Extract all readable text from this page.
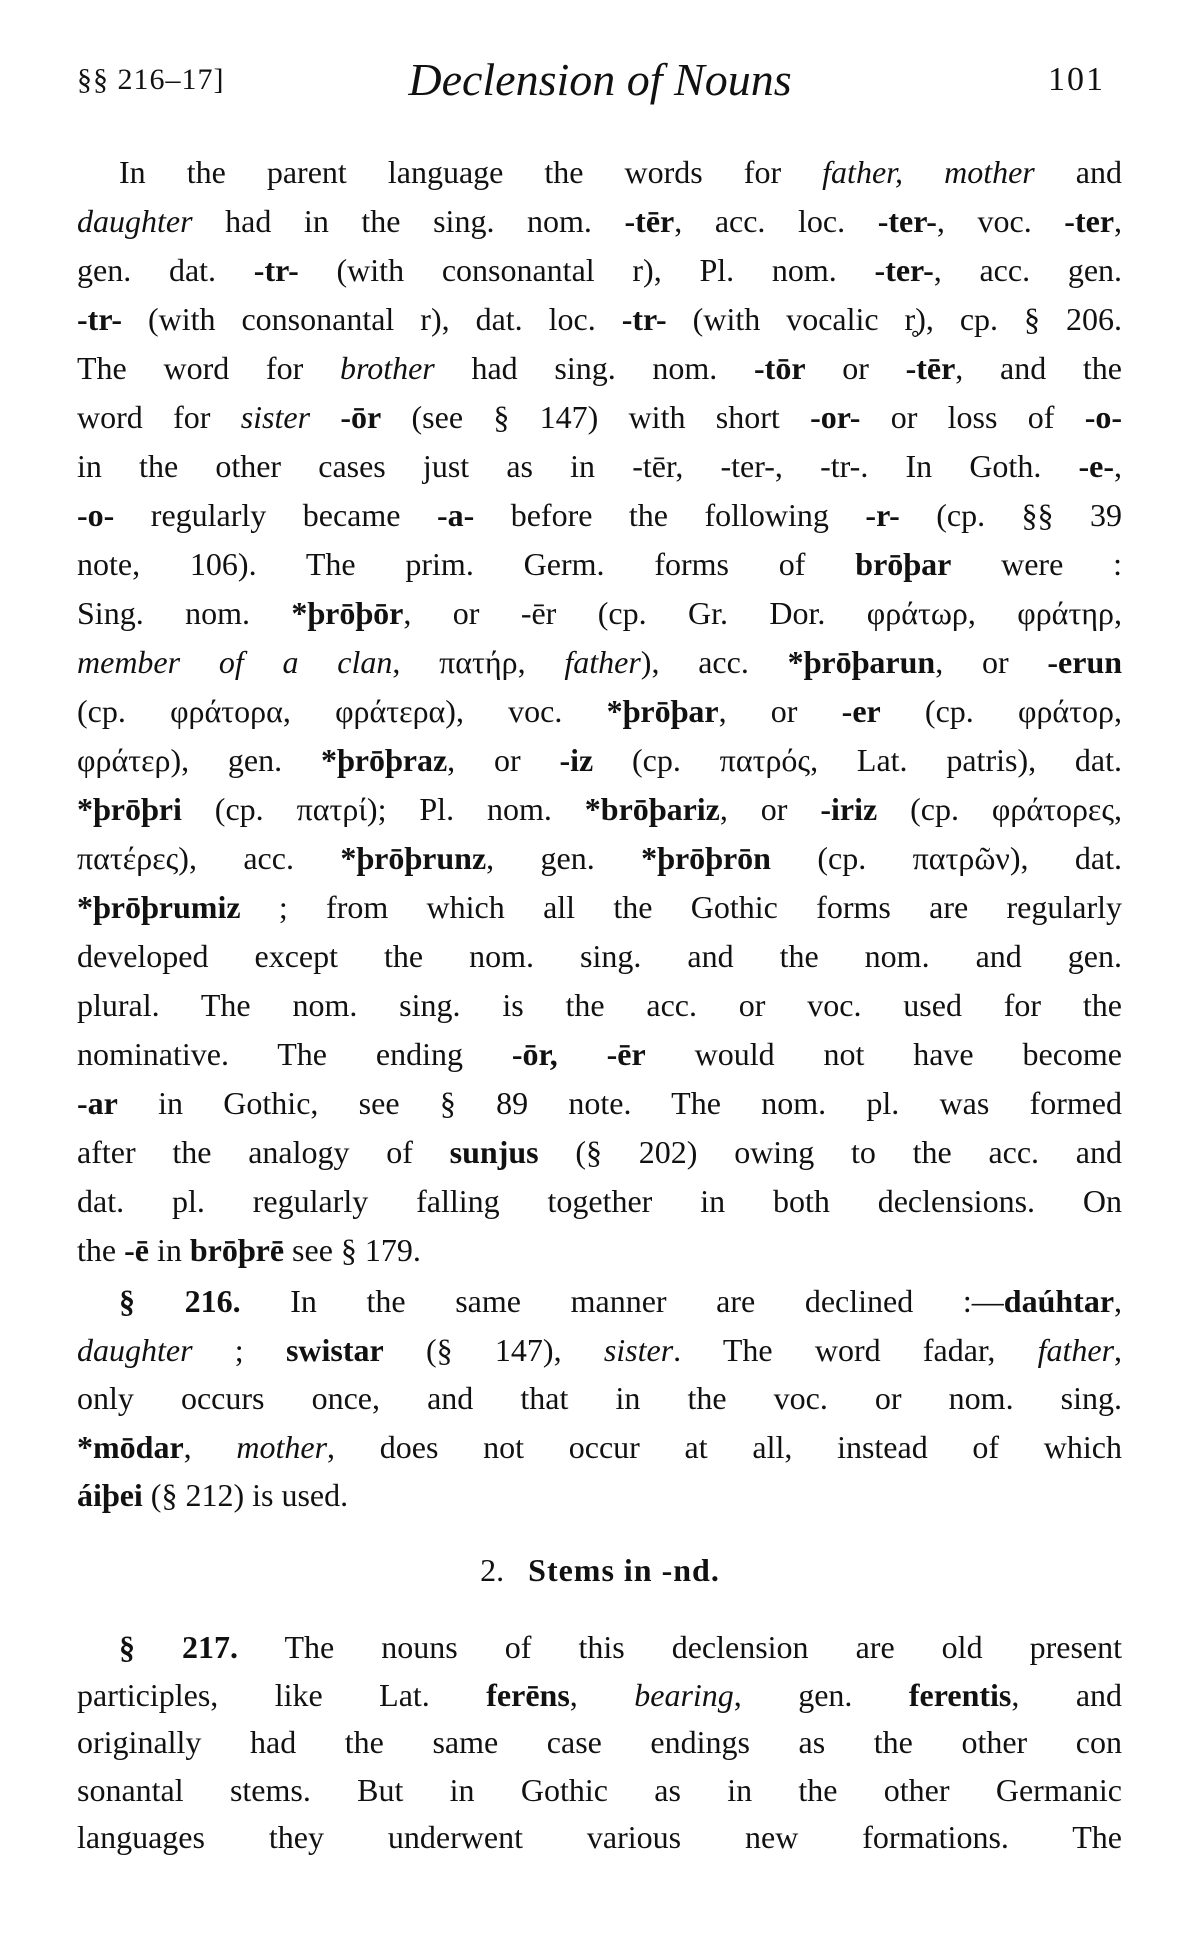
§§ 216–17]	Declension of Nouns	101
In the parent language the words for father, mother and
daughter had in the sing. nom. -tēr, acc. loc. -ter-, voc. -ter,
gen. dat. -tr- (with consonantal r), Pl. nom. -ter-, acc. gen.
-tr- (with consonantal r), dat. loc. -tr- (with vocalic r̥), cp. § 206.
The word for brother had sing. nom. -tōr or -tēr, and the
word for sister -ōr (see § 147) with short -or- or loss of -o-
in the other cases just as in -tēr, -ter-, -tr-. In Goth. -e-,
-o- regularly became -a- before the following -r- (cp. §§ 39
note, 106). The prim. Germ. forms of brōþar were :
Sing. nom. *þrōþōr, or -ēr (cp. Gr. Dor. φράτωρ, φράτηρ,
member of a clan, πατήρ, father), acc. *þrōþarun, or -erun
(cp. φράτορα, φράτερα), voc. *þrōþar, or -er (cp. φράτορ,
φράτερ), gen. *þrōþraz, or -iz (cp. πατρός, Lat. patris), dat.
*þrōþri (cp. πατρί); Pl. nom. *brōþariz, or -iriz (cp. φράτορες,
πατέρες), acc. *þrōþrunz, gen. *þrōþrōn (cp. πατρῶν), dat.
*þrōþrumiz ; from which all the Gothic forms are regularly
developed except the nom. sing. and the nom. and gen.
plural. The nom. sing. is the acc. or voc. used for the
nominative. The ending -ōr, -ēr would not have become
-ar in Gothic, see § 89 note. The nom. pl. was formed
after the analogy of sunjus (§ 202) owing to the acc. and
dat. pl. regularly falling together in both declensions. On
the -ē in brōþrē see § 179.
§ 216. In the same manner are declined :—daúhtar,
daughter ; swistar (§ 147), sister. The word fadar, father,
only occurs once, and that in the voc. or nom. sing.
*mōdar, mother, does not occur at all, instead of which
áiþei (§ 212) is used.
§ 217. The nouns of this declension are old present
participles, like Lat. ferēns, bearing, gen. ferentis, and
originally had the same case endings as the other con
sonantal stems. But in Gothic as in the other Germanic
languages they underwent various new formations. The
2. Stems in -nd.
